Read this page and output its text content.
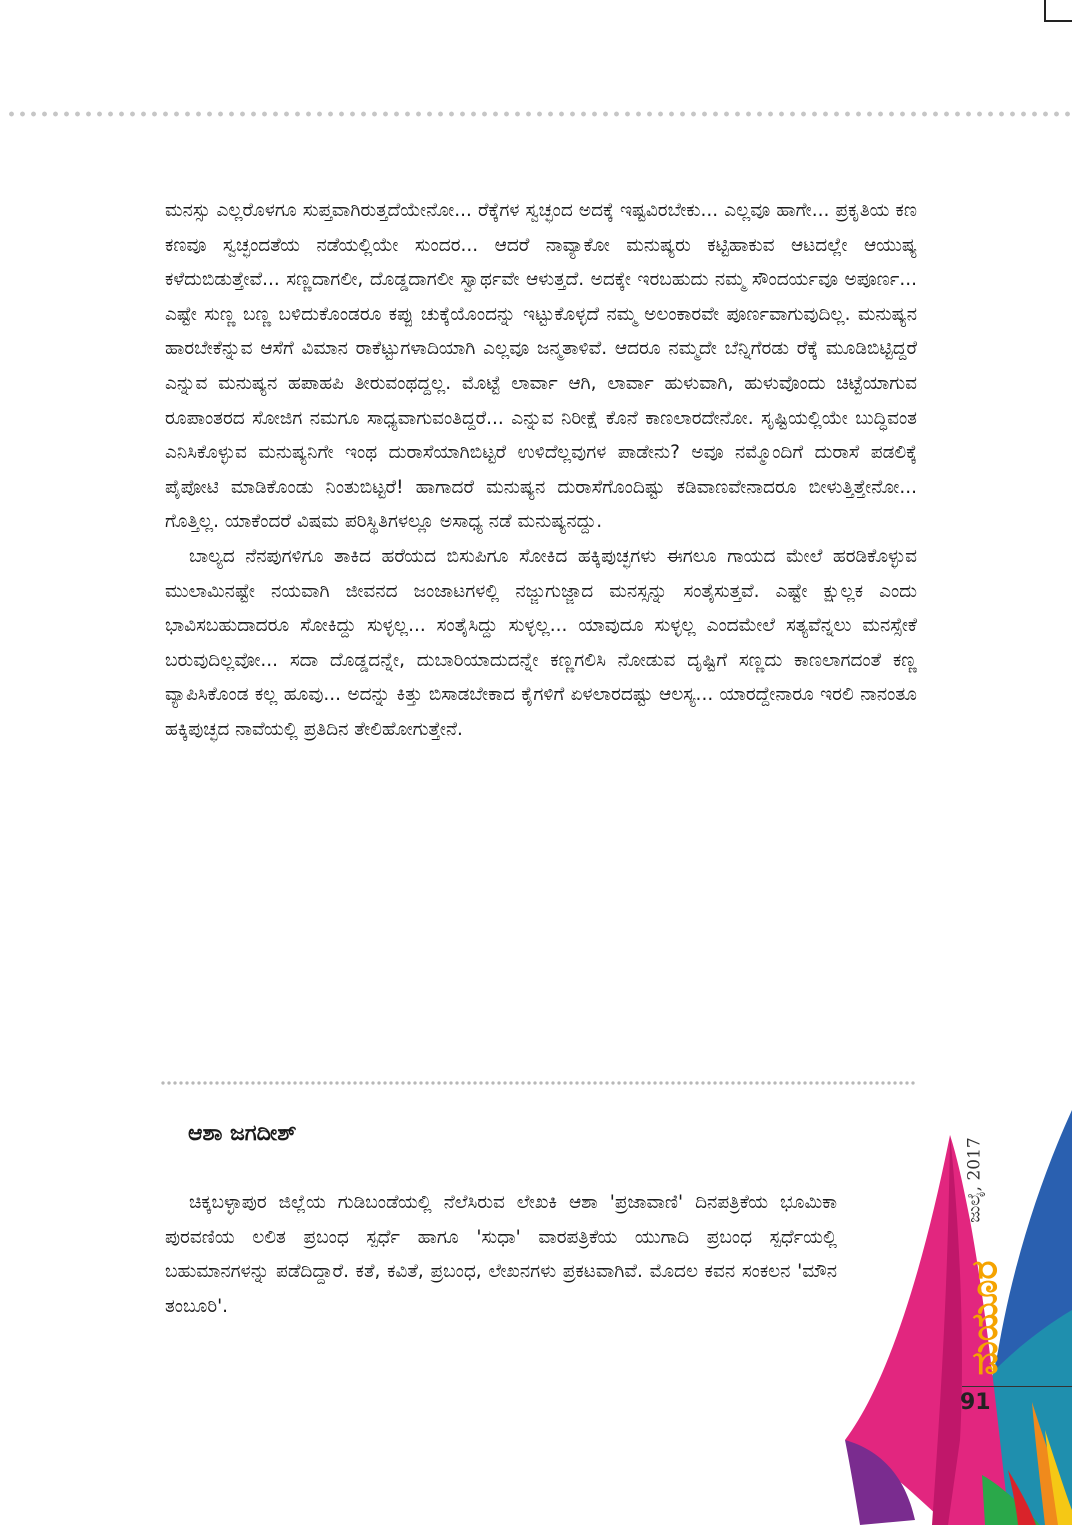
ಮನಸ್ಸು ಎಲ್ಲರೊಳಗೂ ಸುಪ್ತವಾಗಿರುತ್ತದೆಯೇನೋ... ರೆಕ್ಕೆಗಳ ಸ್ವಚ್ಛಂದ ಅದಕ್ಕೆ ಇಷ್ಟವಿರಬೇಕು... ಎಲ್ಲವೂ ಹಾಗೇ... ಪ್ರಕೃತಿಯ ಕಣ ಕಣವೂ ಸ್ವಚ್ಛಂದತೆಯ ನಡೆಯಲ್ಲಿಯೇ ಸುಂದರ... ಆದರೆ ನಾವ್ಯಾಕೋ ಮನುಷ್ಯರು ಕಟ್ಟಿಹಾಕುವ ಆಟದಲ್ಲೇ ಆಯುಷ್ಯ ಕಳೆದುಬಿಡುತ್ತೇವೆ... ಸಣ್ಣದಾಗಲೀ, ದೊಡ್ಡದಾಗಲೀ ಸ್ವಾರ್ಥವೇ ಆಳುತ್ತದೆ. ಅದಕ್ಕೇ ಇರಬಹುದು ನಮ್ಮ ಸೌಂದರ್ಯವೂ ಅಪೂರ್ಣ... ಎಷ್ಟೇ ಸುಣ್ಣ ಬಣ್ಣ ಬಳಿದುಕೊಂಡರೂ ಕಪ್ಪು ಚುಕ್ಕೆಯೊಂದನ್ನು ಇಟ್ಟುಕೊಳ್ಳದೆ ನಮ್ಮ ಅಲಂಕಾರವೇ ಪೂರ್ಣವಾಗುವುದಿಲ್ಲ. ಮನುಷ್ಯನ ಹಾರಬೇಕೆನ್ನುವ ಆಸೆಗೆ ವಿಮಾನ ರಾಕೆಟ್ಟುಗಳಾದಿಯಾಗಿ ಎಲ್ಲವೂ ಜನ್ಮತಾಳಿವೆ. ಆದರೂ ನಮ್ಮದೇ ಬೆನ್ನಿಗೆರಡು ರೆಕ್ಕೆ ಮೂಡಿಬಿಟ್ಟಿದ್ದರೆ ಎನ್ನುವ ಮನುಷ್ಯನ ಹಪಾಹಪಿ ತೀರುವಂಥದ್ದಲ್ಲ. ಮೊಟ್ಟೆ ಲಾರ್ವಾ ಆಗಿ, ಲಾರ್ವಾ ಹುಳುವಾಗಿ, ಹುಳುವೊಂದು ಚಿಟ್ಟೆಯಾಗುವ ರೂಪಾಂತರದ ಸೋಜಿಗ ನಮಗೂ ಸಾಧ್ಯವಾಗುವಂತಿದ್ದರೆ... ಎನ್ನುವ ನಿರೀಕ್ಷೆ ಕೊನೆ ಕಾಣಲಾರದೇನೋ. ಸೃಷ್ಟಿಯಲ್ಲಿಯೇ ಬುದ್ಧಿವಂತ ಎನಿಸಿಕೊಳ್ಳುವ ಮನುಷ್ಯನಿಗೇ ಇಂಥ ದುರಾಸೆಯಾಗಿಬಿಟ್ಟರೆ ಉಳಿದೆಲ್ಲವುಗಳ ಪಾಡೇನು? ಅವೂ ನಮ್ಮೊಂದಿಗೆ ದುರಾಸೆ ಪಡಲಿಕ್ಕೆ ಪೈಪೋಟಿ ಮಾಡಿಕೊಂಡು ನಿಂತುಬಿಟ್ಟರೆ! ಹಾಗಾದರೆ ಮನುಷ್ಯನ ದುರಾಸೆಗೊಂದಿಷ್ಟು ಕಡಿವಾಣವೇನಾದರೂ ಬೀಳುತ್ತಿತ್ತೇನೋ... ಗೊತ್ತಿಲ್ಲ. ಯಾಕೆಂದರೆ ವಿಷಮ ಪರಿಸ್ಥಿತಿಗಳಲ್ಲೂ ಅಸಾಧ್ಯ ನಡೆ ಮನುಷ್ಯನದ್ದು.

ಬಾಲ್ಯದ ನೆನಪುಗಳಿಗೂ ತಾಕಿದ ಹರೆಯದ ಬಿಸುಪಿಗೂ ಸೋಕಿದ ಹಕ್ಕಿಪುಚ್ಛಗಳು ಈಗಲೂ ಗಾಯದ ಮೇಲೆ ಹರಡಿಕೊಳ್ಳುವ ಮುಲಾಮಿನಷ್ಟೇ ನಯವಾಗಿ ಜೀವನದ ಜಂಜಾಟಗಳಲ್ಲಿ ನಜ್ಜುಗುಜ್ಜಾದ ಮನಸ್ಸನ್ನು ಸಂತೈಸುತ್ತವೆ. ಎಷ್ಟೇ ಕ್ಷುಲ್ಲಕ ಎಂದು ಭಾವಿಸಬಹುದಾದರೂ ಸೋಕಿದ್ದು ಸುಳ್ಳಲ್ಲ... ಸಂತೈಸಿದ್ದು ಸುಳ್ಳಲ್ಲ... ಯಾವುದೂ ಸುಳ್ಳಲ್ಲ ಎಂದಮೇಲೆ ಸತ್ಯವೆನ್ನಲು ಮನಸ್ಸೇಕೆ ಬರುವುದಿಲ್ಲವೋ... ಸದಾ ದೊಡ್ಡದನ್ನೇ, ದುಬಾರಿಯಾದುದನ್ನೇ ಕಣ್ಣಗಲಿಸಿ ನೋಡುವ ದೃಷ್ಟಿಗೆ ಸಣ್ಣದು ಕಾಣಲಾಗದಂತೆ ಕಣ್ಣ ವ್ಯಾಪಿಸಿಕೊಂಡ ಕಲ್ಲ ಹೂವು... ಅದನ್ನು ಕಿತ್ತು ಬಿಸಾಡಬೇಕಾದ ಕೈಗಳಿಗೆ ಏಳಲಾರದಷ್ಟು ಆಲಸ್ಯ... ಯಾರದ್ದೇನಾರೂ ಇರಲಿ ನಾನಂತೂ ಹಕ್ಕಿಪುಚ್ಛದ ನಾವೆಯಲ್ಲಿ ಪ್ರತಿದಿನ ತೇಲಿಹೋಗುತ್ತೇನೆ.

ಆಶಾ ಜಗದೀಶ್

ಚಿಕ್ಕಬಳ್ಳಾಪುರ ಜಿಲ್ಲೆಯ ಗುಡಿಬಂಡೆಯಲ್ಲಿ ನೆಲೆಸಿರುವ ಲೇಖಕಿ ಆಶಾ 'ಪ್ರಜಾವಾಣಿ' ದಿನಪತ್ರಿಕೆಯ ಭೂಮಿಕಾ ಪುರವಣಿಯ ಲಲಿತ ಪ್ರಬಂಧ ಸ್ಪರ್ಧೆ ಹಾಗೂ 'ಸುಧಾ' ವಾರಪತ್ರಿಕೆಯ ಯುಗಾದಿ ಪ್ರಬಂಧ ಸ್ಪರ್ಧೆಯಲ್ಲಿ ಬಹುಮಾನಗಳನ್ನು ಪಡೆದಿದ್ದಾರೆ. ಕತೆ, ಕವಿತೆ, ಪ್ರಬಂಧ, ಲೇಖನಗಳು ಪ್ರಕಟವಾಗಿವೆ. ಮೊದಲ ಕವನ ಸಂಕಲನ 'ಮೌನ ತಂಬೂರಿ'.

ಜುಲೈ, 2017
ಮಯೂರ
91
